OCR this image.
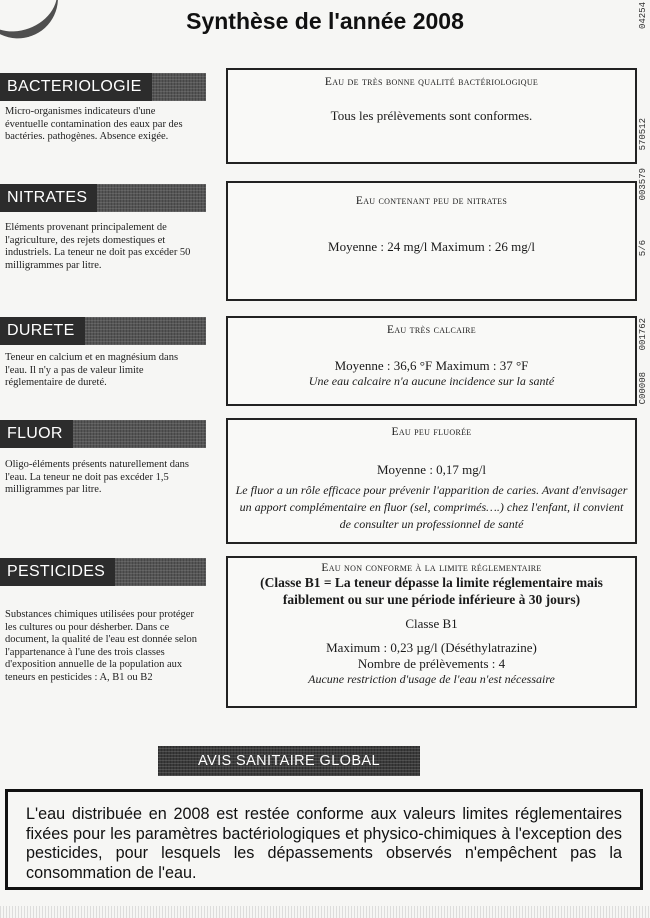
Synthèse de l'année 2008	04254
570512
003579
5/6
001762
C00008
BACTERIOLOGIE
Micro-organismes indicateurs d'une éventuelle contamination des eaux par des bactéries. pathogènes. Absence exigée.
Eau de très bonne qualité bactériologique
Tous les prélèvements sont conformes.
NITRATES
Eléments provenant principalement de l'agriculture, des rejets domestiques et industriels. La teneur ne doit pas excéder 50 milligrammes par litre.
Eau contenant peu de nitrates
Moyenne : 24 mg/l Maximum : 26 mg/l
DURETE
Teneur en calcium et en magnésium dans l'eau. Il n'y a pas de valeur limite réglementaire de dureté.
Eau très calcaire
Moyenne : 36,6 °F Maximum : 37 °F
Une eau calcaire n'a aucune incidence sur la santé
FLUOR
Oligo-éléments présents naturellement dans l'eau. La teneur ne doit pas excéder 1,5 milligrammes par litre.
Eau peu fluorée
Moyenne : 0,17 mg/l
Le fluor a un rôle efficace pour prévenir l'apparition de caries. Avant d'envisager un apport complémentaire en fluor (sel, comprimés….) chez l'enfant, il convient de consulter un professionnel de santé
PESTICIDES
Substances chimiques utilisées pour protéger les cultures ou pour désherber. Dans ce document, la qualité de l'eau est donnée selon l'appartenance à l'une des trois classes d'exposition annuelle de la population aux teneurs en pesticides : A, B1 ou B2
Eau non conforme à la limite réglementaire
(Classe B1 = La teneur dépasse la limite réglementaire mais faiblement ou sur une période inférieure à 30 jours)
Classe B1
Maximum : 0,23 µg/l (Déséthylatrazine)
Nombre de prélèvements : 4
Aucune restriction d'usage de l'eau n'est nécessaire
AVIS SANITAIRE GLOBAL
L'eau distribuée en 2008 est restée conforme aux valeurs limites réglementaires fixées pour les paramètres bactériologiques et physico-chimiques à l'exception des pesticides, pour lesquels les dépassements observés n'empêchent pas la consommation de l'eau.
